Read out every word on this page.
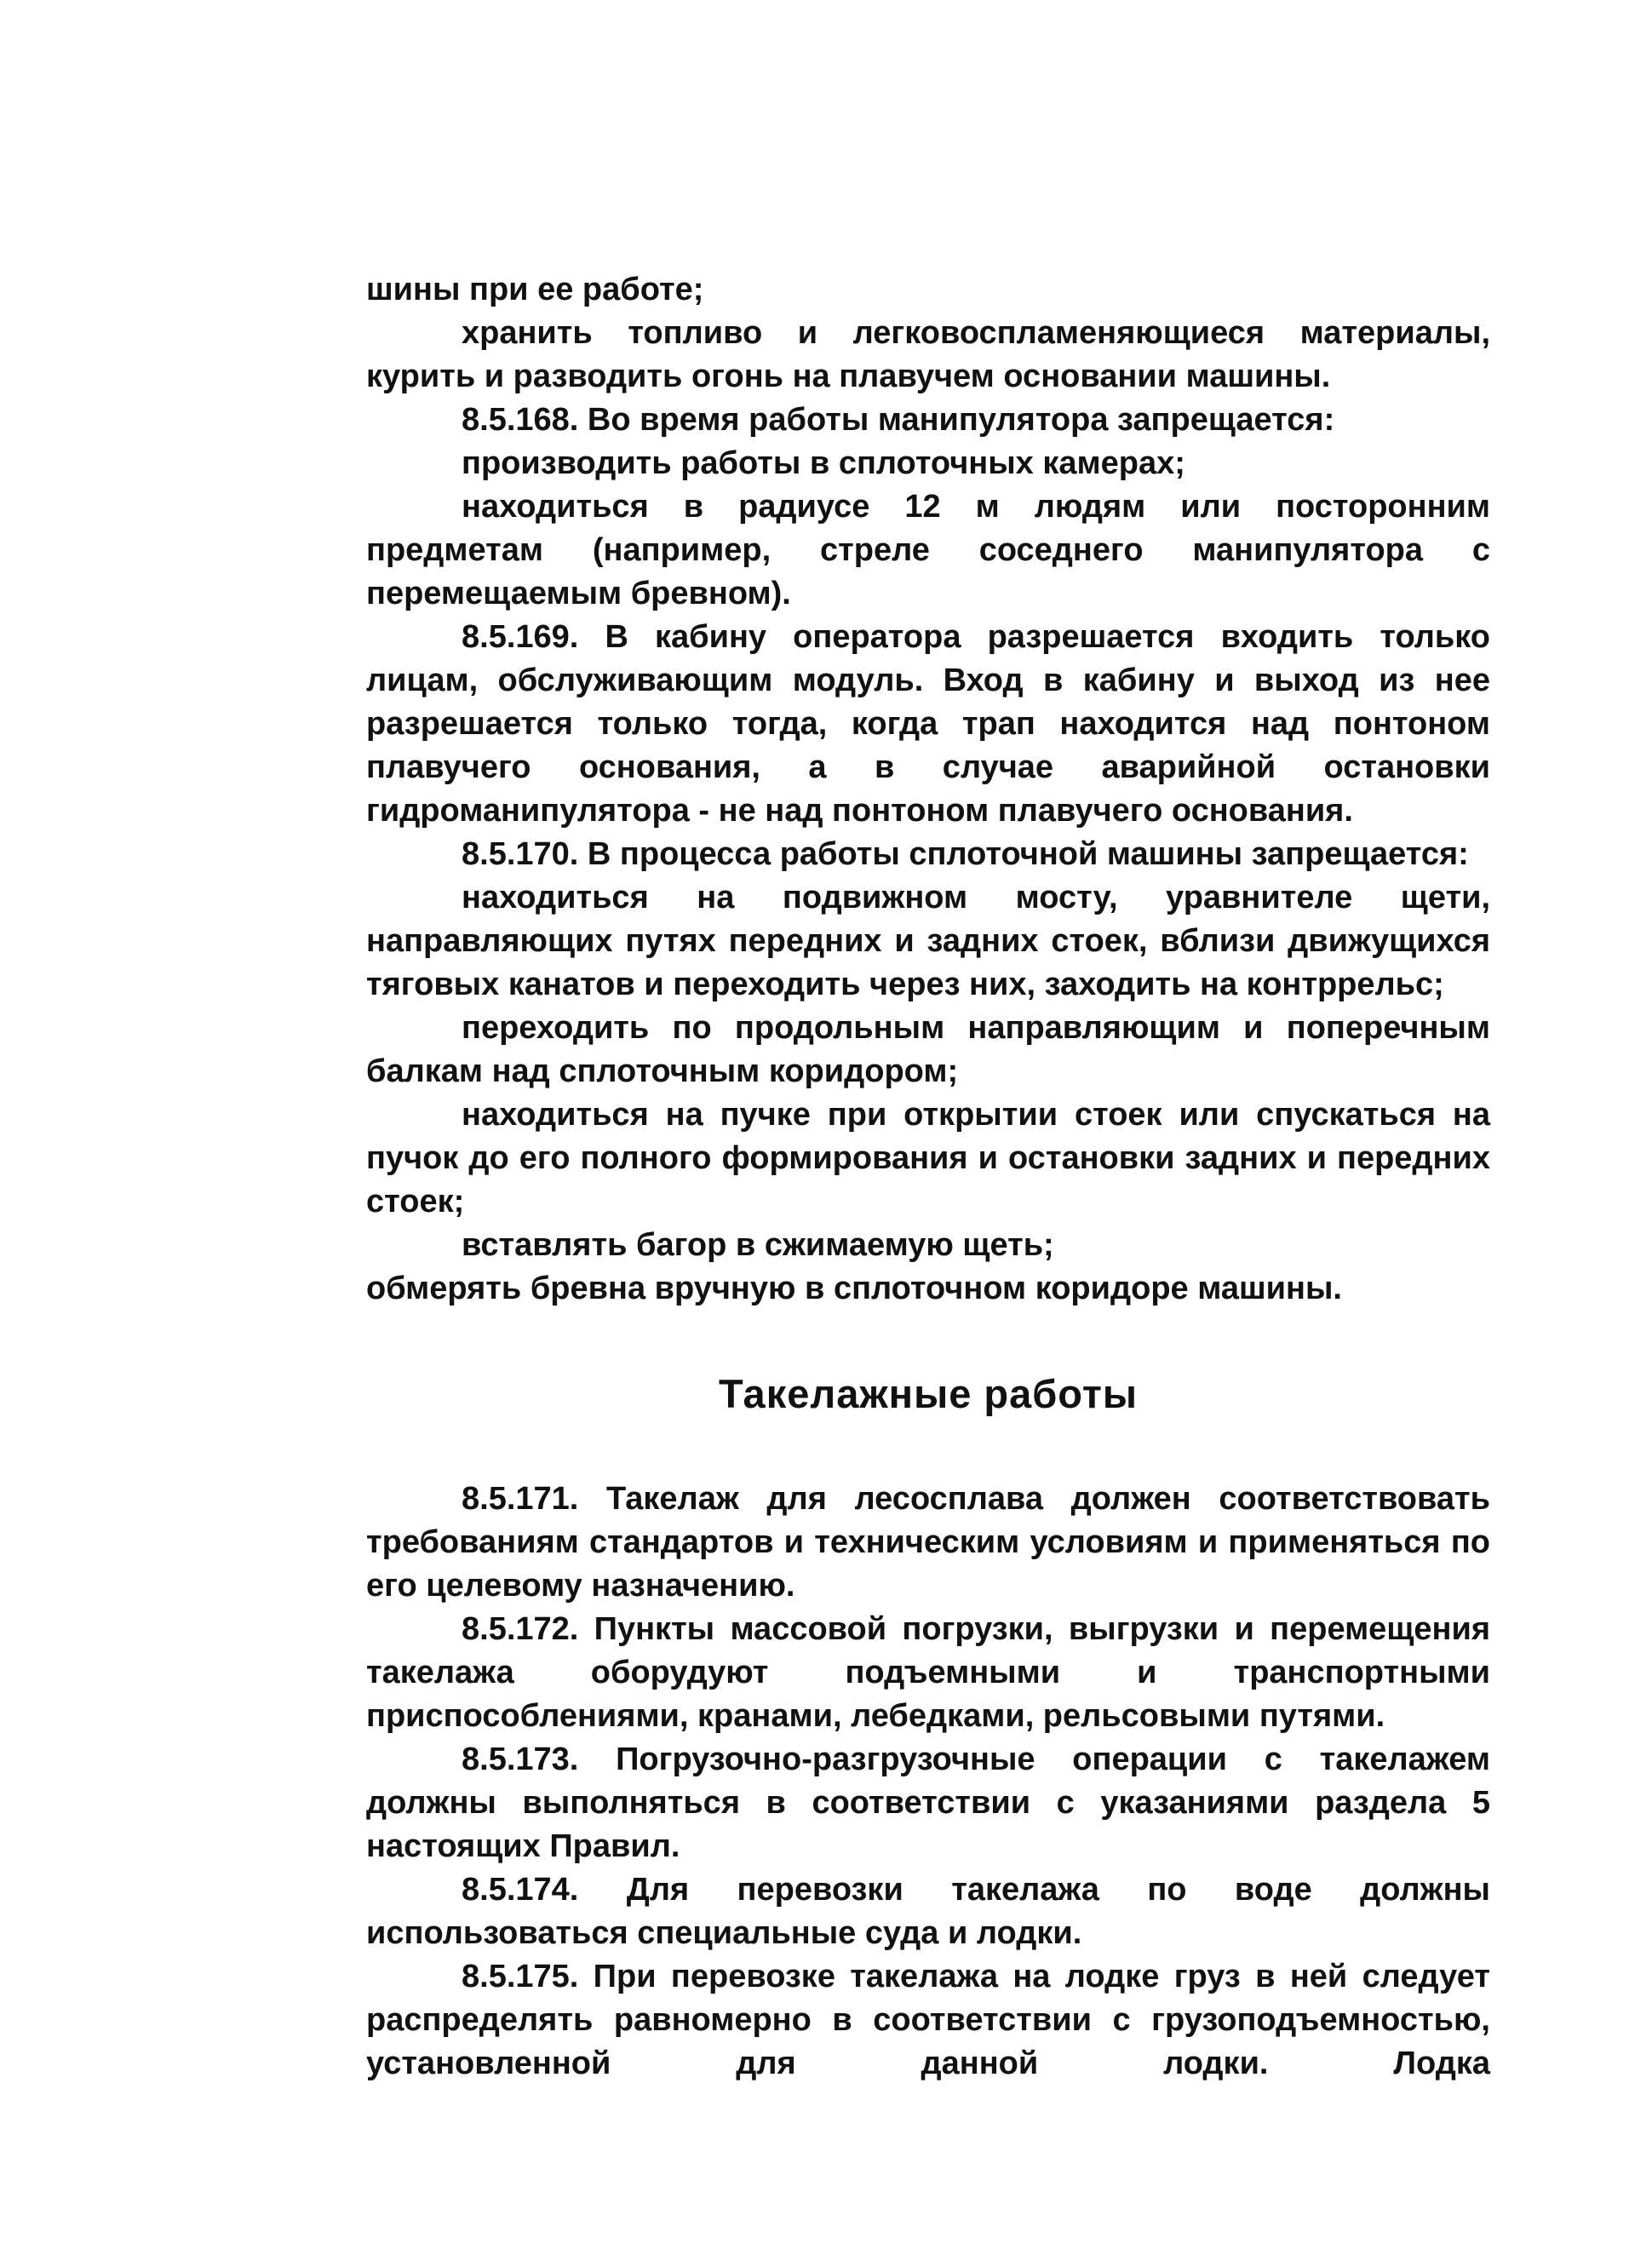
шины при ее работе;

хранить топливо и легковоспламеняющиеся материалы, курить и разводить огонь на плавучем основании машины.

8.5.168. Во время работы манипулятора запрещается:

производить работы в сплоточных камерах;

находиться в радиусе 12 м людям или посторонним предметам (например, стреле соседнего манипулятора с перемещаемым бревном).

8.5.169. В кабину оператора разрешается входить только лицам, обслуживающим модуль. Вход в кабину и выход из нее разрешается только тогда, когда трап находится над понтоном плавучего основания, а в случае аварийной остановки гидроманипулятора - не над понтоном плавучего основания.

8.5.170. В процесса работы сплоточной машины запрещается:

находиться на подвижном мосту, уравнителе щети, направляющих путях передних и задних стоек, вблизи движущихся тяговых канатов и переходить через них, заходить на контррельс;

переходить по продольным направляющим и поперечным балкам над сплоточным коридором;

находиться на пучке при открытии стоек или спускаться на пучок до его полного формирования и остановки задних и передних стоек;

вставлять багор в сжимаемую щеть;

обмерять бревна вручную в сплоточном коридоре машины.

Такелажные работы

8.5.171. Такелаж для лесосплава должен соответствовать требованиям стандартов и техническим условиям и применяться по его целевому назначению.

8.5.172. Пункты массовой погрузки, выгрузки и перемещения такелажа оборудуют подъемными и транспортными приспособлениями, кранами, лебедками, рельсовыми путями.

8.5.173. Погрузочно-разгрузочные операции с такелажем должны выполняться в соответствии с указаниями раздела 5 настоящих Правил.

8.5.174. Для перевозки такелажа по воде должны использоваться специальные суда и лодки.

8.5.175. При перевозке такелажа на лодке груз в ней следует распределять равномерно в соответствии с грузоподъемностью, установленной для данной лодки. Лодка
